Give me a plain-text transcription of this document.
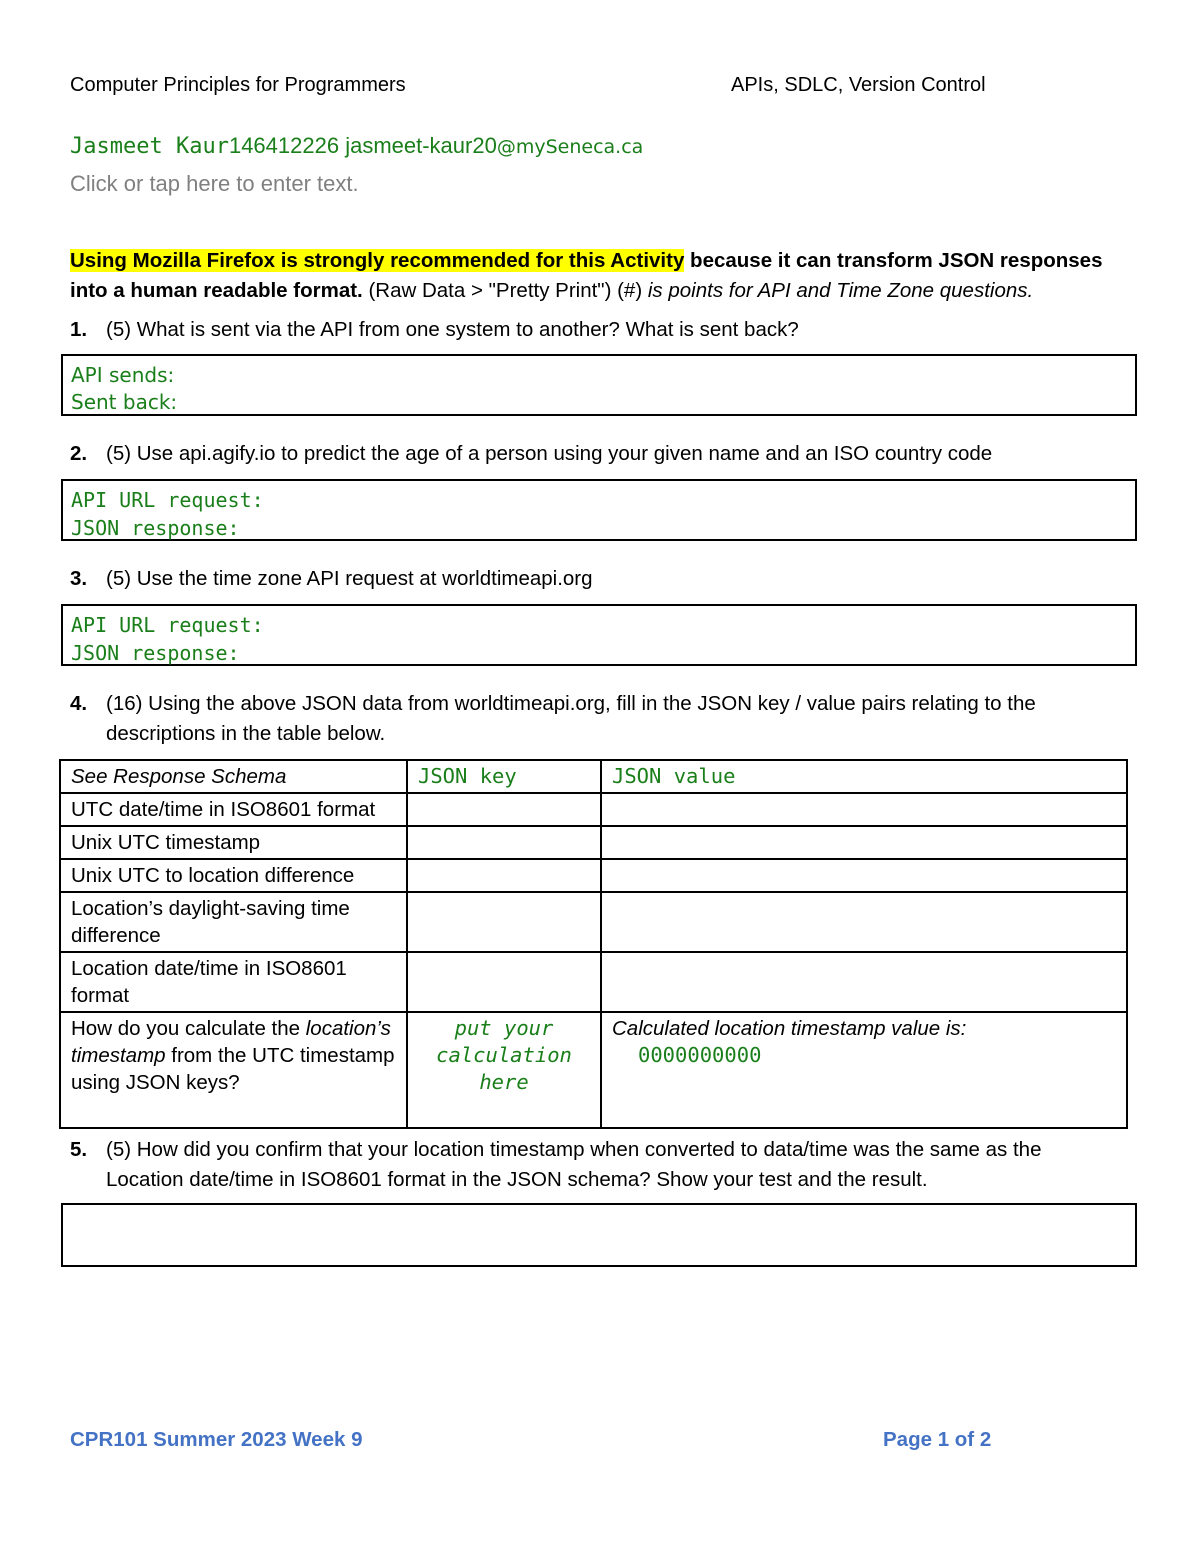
Computer Principles for Programmers	APIs, SDLC, Version Control
Jasmeet Kaur146412226 jasmeet-kaur20@mySeneca.ca
Click or tap here to enter text.
Using Mozilla Firefox is strongly recommended for this Activity because it can transform JSON responses into a human readable format. (Raw Data > "Pretty Print") (#) is points for API and Time Zone questions.
1. (5) What is sent via the API from one system to another? What is sent back?
API sends:
Sent back:
2. (5) Use api.agify.io to predict the age of a person using your given name and an ISO country code
API URL request:
JSON response:
3. (5) Use the time zone API request at worldtimeapi.org
API URL request:
JSON response:
4. (16) Using the above JSON data from worldtimeapi.org, fill in the JSON key / value pairs relating to the descriptions in the table below.
See Response Schema	JSON key	JSON value
UTC date/time in ISO8601 format		
Unix UTC timestamp		
Unix UTC to location difference		
Location’s daylight-saving time difference		
Location date/time in ISO8601 format		
How do you calculate the location’s timestamp from the UTC timestamp using JSON keys?	put your calculation here	Calculated location timestamp value is:
0000000000
5. (5) How did you confirm that your location timestamp when converted to data/time was the same as the Location date/time in ISO8601 format in the JSON schema? Show your test and the result.
CPR101 Summer 2023 Week 9	Page 1 of 2
